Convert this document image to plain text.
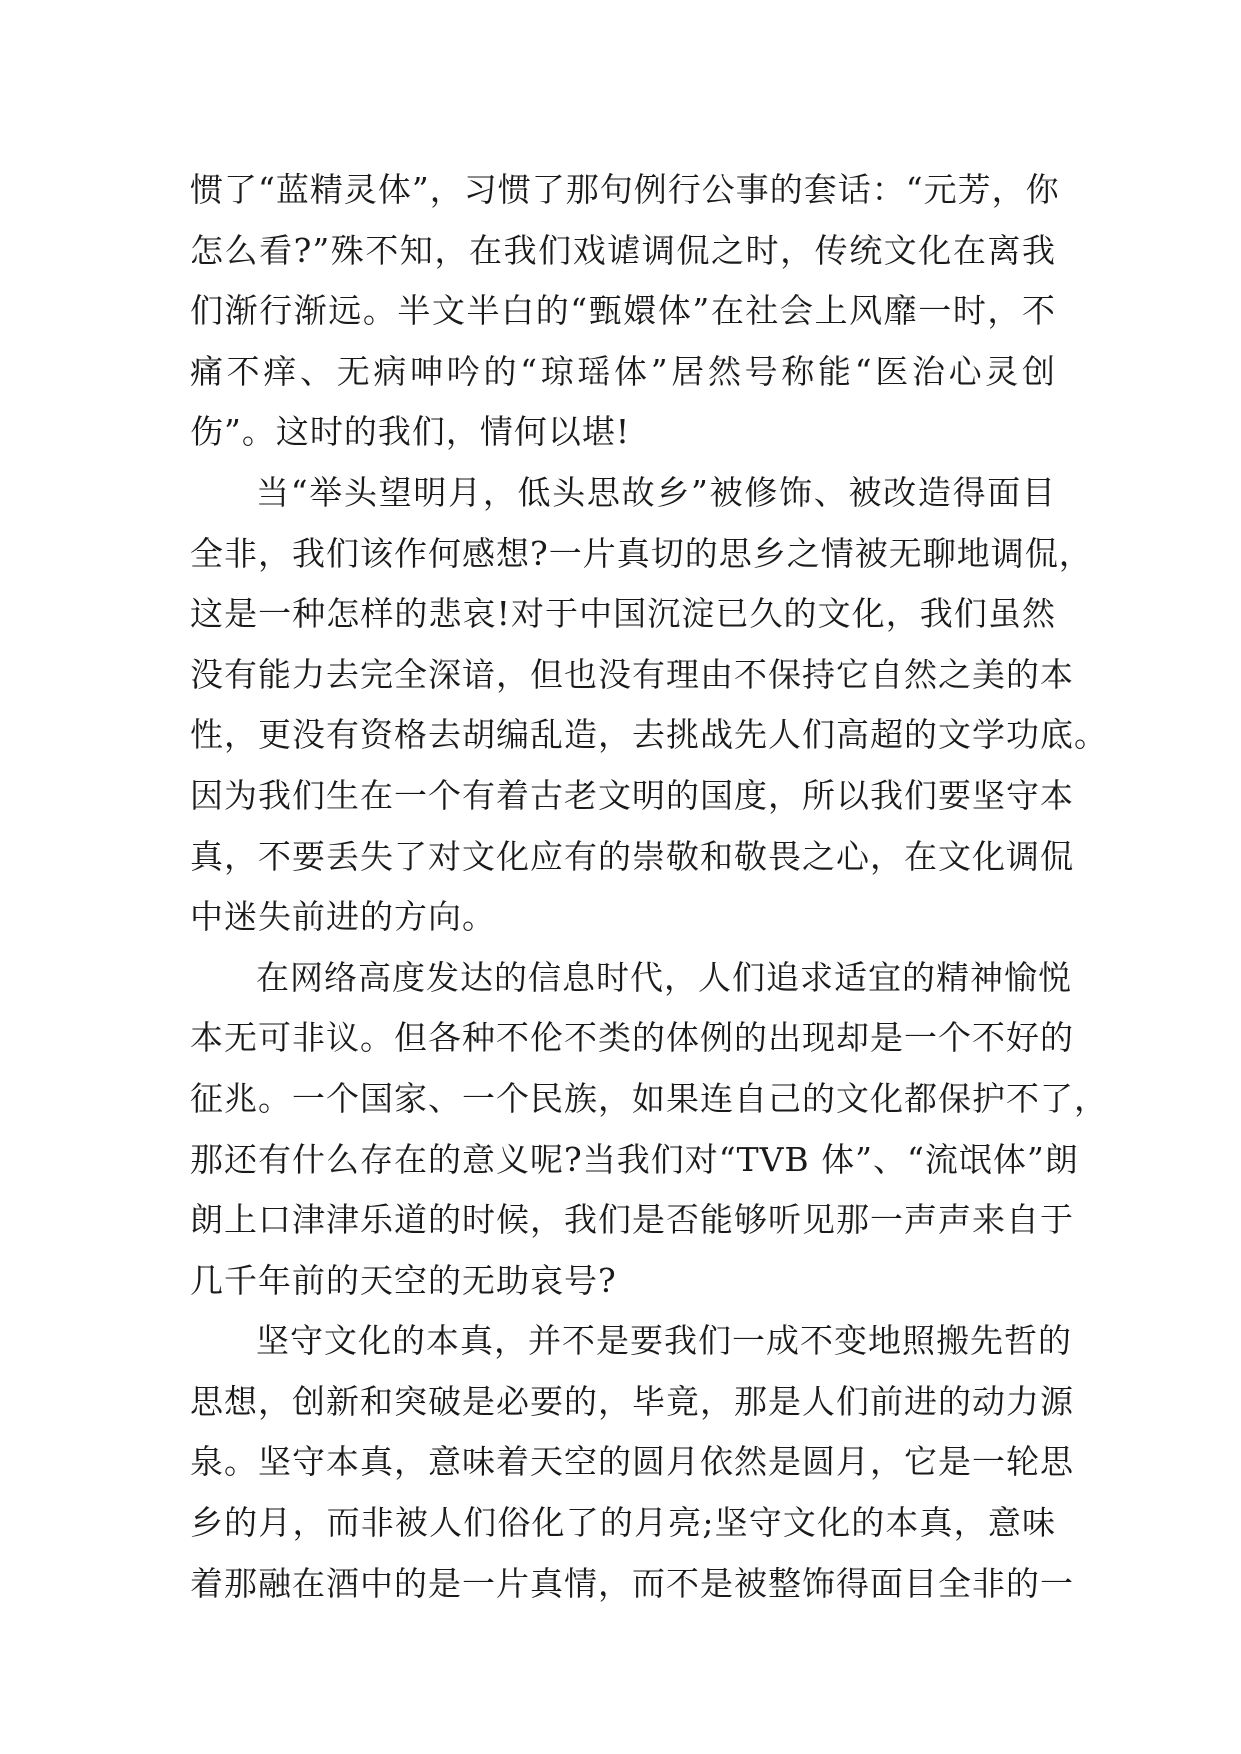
惯了“蓝精灵体”，习惯了那句例行公事的套话：“元芳，你
怎么看?”殊不知，在我们戏谑调侃之时，传统文化在离我
们渐行渐远。半文半白的“甄嬛体”在社会上风靡一时，不
痛不痒、无病呻吟的“琼瑶体”居然号称能“医治心灵创
伤”。这时的我们，情何以堪!
当“举头望明月，低头思故乡”被修饰、被改造得面目
全非，我们该作何感想?一片真切的思乡之情被无聊地调侃，
这是一种怎样的悲哀!对于中国沉淀已久的文化，我们虽然
没有能力去完全深谙，但也没有理由不保持它自然之美的本
性，更没有资格去胡编乱造，去挑战先人们高超的文学功底。
因为我们生在一个有着古老文明的国度，所以我们要坚守本
真，不要丢失了对文化应有的崇敬和敬畏之心，在文化调侃
中迷失前进的方向。
在网络高度发达的信息时代，人们追求适宜的精神愉悦
本无可非议。但各种不伦不类的体例的出现却是一个不好的
征兆。一个国家、一个民族，如果连自己的文化都保护不了，
那还有什么存在的意义呢?当我们对“TVB 体”、“流氓体”朗
朗上口津津乐道的时候，我们是否能够听见那一声声来自于
几千年前的天空的无助哀号?
坚守文化的本真，并不是要我们一成不变地照搬先哲的
思想，创新和突破是必要的，毕竟，那是人们前进的动力源
泉。坚守本真，意味着天空的圆月依然是圆月，它是一轮思
乡的月，而非被人们俗化了的月亮;坚守文化的本真，意味
着那融在酒中的是一片真情，而不是被整饰得面目全非的一
